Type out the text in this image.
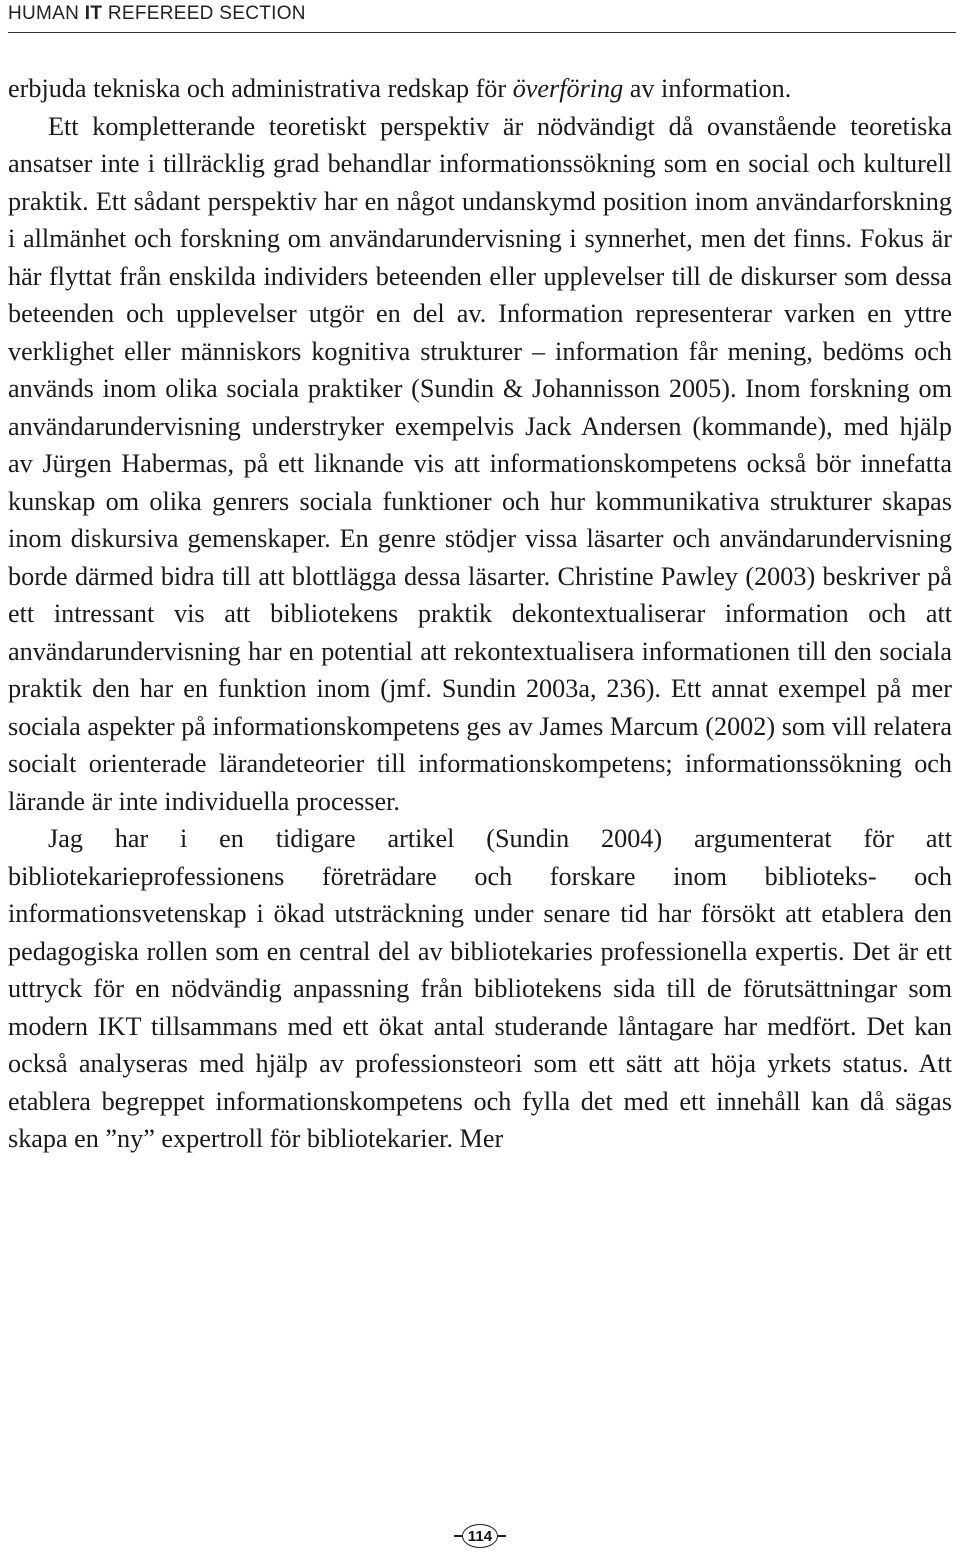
HUMAN IT REFEREED SECTION

erbjuda tekniska och administrativa redskap för överföring av information.

Ett kompletterande teoretiskt perspektiv är nödvändigt då ovanstående teoretiska ansatser inte i tillräcklig grad behandlar informationssökning som en social och kulturell praktik. Ett sådant perspektiv har en något undanskymd position inom användarforskning i allmänhet och forskning om användarundervisning i synnerhet, men det finns. Fokus är här flyttat från enskilda individers beteenden eller upplevelser till de diskurser som dessa beteenden och upplevelser utgör en del av. Information representerar varken en yttre verklighet eller människors kognitiva strukturer – information får mening, bedöms och används inom olika sociala praktiker (Sundin & Johannisson 2005). Inom forskning om användarundervisning understryker exempelvis Jack Andersen (kommande), med hjälp av Jürgen Habermas, på ett liknande vis att informationskompetens också bör innefatta kunskap om olika genrers sociala funktioner och hur kommunikativa strukturer skapas inom diskursiva gemenskaper. En genre stödjer vissa läsarter och användarundervisning borde därmed bidra till att blottlägga dessa läsarter. Christine Pawley (2003) beskriver på ett intressant vis att bibliotekens praktik dekontextualiserar information och att användarundervisning har en potential att rekontextualisera informationen till den sociala praktik den har en funktion inom (jmf. Sundin 2003a, 236). Ett annat exempel på mer sociala aspekter på informationskompetens ges av James Marcum (2002) som vill relatera socialt orienterade lärandeteorier till informationskompetens; informationssökning och lärande är inte individuella processer.

Jag har i en tidigare artikel (Sundin 2004) argumenterat för att bibliotekarieprofessionens företrädare och forskare inom biblioteks- och informationsvetenskap i ökad utsträckning under senare tid har försökt att etablera den pedagogiska rollen som en central del av bibliotekaries professionella expertis. Det är ett uttryck för en nödvändig anpassning från bibliotekens sida till de förutsättningar som modern IKT tillsammans med ett ökat antal studerande låntagare har medfört. Det kan också analyseras med hjälp av professionsteori som ett sätt att höja yrkets status. Att etablera begreppet informationskompetens och fylla det med ett innehåll kan då sägas skapa en ”ny” expertroll för bibliotekarier. Mer

114
